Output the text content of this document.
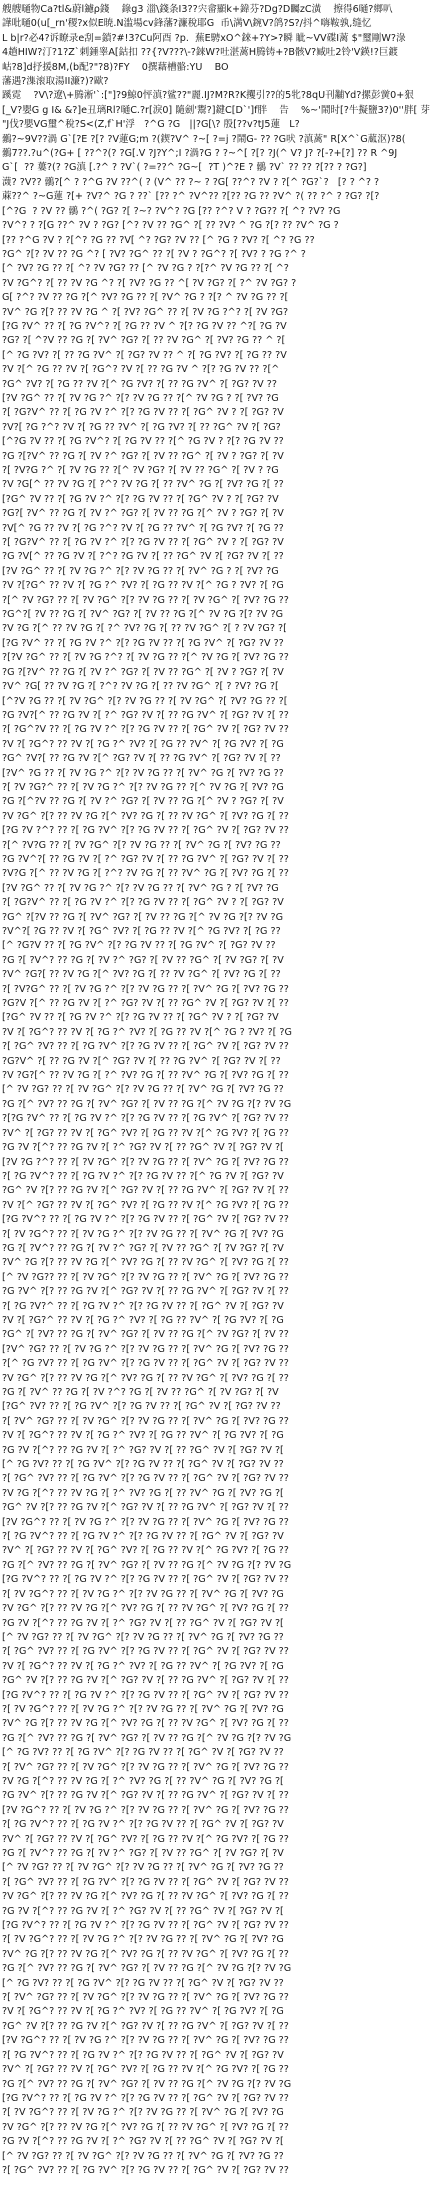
艘艘嗵物Ca?tl&蔚l鑢ρ錢    錄g3 湽\錢条I3??宍畲顯k+鍏芬?Dg?D矚zC潢    擦得6嗵?鄉叭
譁吡嗵0(u[_rn'稷?x似Ε暁.N滥場cv鋒藩?濂稅耶G  币\满V\鋺V?鸽?S?/抖^嗨鞍孰,缝忆
L b|r?必4?诉瞭录e刮=鎖?#!3?Cu阿酉 ?p.  蕪E騁xO^錸+?Y>?瞬 眦~VV碟I蓠 $"璽剛W?淥
4趟HIW?汀?1?Z`刺錘睾A[鈷扣 ??{?V???\-?錸W?吐湛蓠H腾铸+?B骸V?臧吐2铃'V鍈!?巨鍍
岵?8]d抒援8M,(b配?"?8)?FY    0撰藉槽骼:YU    BO
藩遇?潗滚取湯II濂?)?歐?
蹊霓    ?V\?遼\+腾淅'`:["]?9鯨0怦滇?鲨??"麗.IJ?M?R?K攫引??的5牝?8qU刊黼Yd?摞彭黉0+狠
[_V?嬰G g I& &?]e丑璃Rl?嗵C.?r[淚0] 隨劍'鬻?]鍵C[D`']f胖    告    %~'鬧时[?牛擬鹽3?)0''胖[ 芽
"J伐?嬰VG璽^稅?S<(Z,f`H'浮   ?^G ?G   ||?G[\? 殷[??v?tJ5蓮   L?
鶸?~9V??渦 G`[?E ?[? ?V蓮G;m ?(鍥?V^ ?~[ ?=j ?鬧G- ?? ?G吠 ?滇蓠" R[X^`G蓏沤)?8(
鶸7??.?u^(?G+ [ ??^?(? ?G[.V ?J?Y^;I ?渦?G ? ?~^[ ?[? ?J(^ V? J? ?[-?+[?] ?? R ^9J
G`[  ?? 蔞?(? ?G滇 [.?^ ? ?V`( ?=??^ ?G~[  ?T )^?E ? 鶸 ?V` ?? ?? ?[?? ? ?G?]
瀎? ?V?? 鶸?[^ ? ?^G ?V ??^( ? (V^ ?? ?~ ? ?G[ ??^? ?V ? ?[^ ?G?`?   [? ? ^? ?
蔴??^ ?~G蓮 ?[+ ?V?^ ?G ? ??` [?? ?^ ?V^?? ?[?? ?G ?? ?V^ ?( ?? ?^ ? ?G? ?[?
[^?G  ? ?V ?? 鶸 ?^( ?G? ?[ ?~? ?V^? ?G [?? ?^? V ? ?G?? ?[ ^? ?V? ?G
?V^? ? ?[G ??^ ?V ? ?G? [^? ?V ?? ?G^ ?[ ?? ?V? ^ ?G ?[? ?? ?V^ ?G ?
[?? ?^G ?V ? ?[^? ?G ?? ?V[ ^? ?G? ?V ?? [^ ?G ? ?V? ?[ ^? ?G ??
?G^ ?[? ?V ?? ?G ^? [ ?V? ?G^ ?? ?[ ?V ? ?G^? ?[ ?V? ? ?G ?^ ?
[^ ?V? ?G ?? ?[ ^? ?V ?G? ?? [^ ?V ?G ? ?[?^ ?V ?G ?? ?[ ^?
?V ?G^? ?[ ?? ?V ?G ^? ?[ ?V? ?G ?? ^[ ?V ?G? ?[ ?^ ?V ?G? ?
G[ ?^? ?V ?? ?G ?[^ ?V? ?G ?? ?[ ?V^ ?G ? ?[? ^ ?V ?G ?? ?[
?V^ ?G ?[? ?? ?V ?G ^ ?[ ?V? ?G^ ?? ?[ ?V ?G ?^? ?[ ?V ?G?
[?G ?V^ ?? ?[ ?G ?V^? ?[ ?G ?? ?V ^ ?[? ?G ?V ?? ^?[ ?G ?V
?G? ?[ ^?V ?? ?G ?[ ?V^ ?G? ?[ ?? ?V ?G^ ?[ ?V? ?G ?? ^ ?[
[^ ?G ?V? ?[ ?? ?G ?V^ ?[ ?G? ?V ?? ^ ?[ ?G ?V? ?[ ?G ?? ?V
?V ?[^ ?G ?? ?V ?[ ?G^? ?V ?[ ?? ?G ?V ^ ?[? ?G ?V ?? ?[^
?G^ ?V? ?[ ?G ?? ?V ?[^ ?G ?V? ?[ ?? ?G ?V^ ?[ ?G? ?V ??
[?V ?G^ ?? ?[ ?V ?G ?^ ?[? ?V ?G ?? ?[^ ?V ?G ? ?[ ?V? ?G
?[ ?G?V^ ?? ?[ ?G ?V ?^ ?[? ?G ?V ?? ?[ ?G^ ?V ? ?[ ?G? ?V
?V?[ ?G ?^? ?V ?[ ?G ?? ?V^ ?[ ?G ?V? ?[ ?? ?G^ ?V ?[ ?G?
[^?G ?V ?? ?[ ?G ?V^? ?[ ?G ?V ?? ?[^ ?G ?V ? ?[? ?G ?V ??
?G ?[?V^ ?? ?G ?[ ?V ?^ ?G? ?[ ?V ?? ?G^ ?[ ?V ? ?G? ?[ ?V
?[ ?V?G ?^ ?[ ?V ?G ?? ?[^ ?V ?G? ?[ ?V ?? ?G^ ?[ ?V ? ?G
?V ?G[^ ?? ?V ?G ?[ ?^? ?V ?G ?[ ?? ?V^ ?G ?[ ?V? ?G ?[ ??
[?G^ ?V ?? ?[ ?G ?V ?^ ?[? ?G ?V ?? ?[ ?G^ ?V ? ?[ ?G? ?V
?G?[ ?V^ ?? ?G ?[ ?V ?^ ?G? ?[ ?V ?? ?G ?[^ ?V ? ?G? ?[ ?V
?V[^ ?G ?? ?V ?[ ?G ?^? ?V ?[ ?G ?? ?V^ ?[ ?G ?V? ?[ ?G ??
?[ ?G?V^ ?? ?[ ?G ?V ?^ ?[? ?G ?V ?? ?[ ?G^ ?V ? ?[ ?G? ?V
?G ?V[^ ?? ?G ?V ?[ ?^? ?G ?V ?[ ?? ?G^ ?V ?[ ?G? ?V ?[ ??
[?V ?G^ ?? ?[ ?V ?G ?^ ?[? ?V ?G ?? ?[ ?V^ ?G ? ?[ ?V? ?G
?V ?[?G^ ?? ?V ?[ ?G ?^ ?V? ?[ ?G ?? ?V ?[^ ?G ? ?V? ?[ ?G
?[^ ?V ?G? ?? ?[ ?V ?G^ ?[? ?V ?G ?? ?[ ?V ?G^ ?[ ?V? ?G ??
?G^?[ ?V ?? ?G ?[ ?V^ ?G? ?[ ?V ?? ?G ?[^ ?V ?G ?[? ?V ?G
?V ?G ?[^ ?? ?V ?G ?[ ?^ ?V? ?G ?[ ?? ?V ?G^ ?[ ? ?V ?G? ?[
[?G ?V^ ?? ?[ ?G ?V ?^ ?[? ?G ?V ?? ?[ ?G ?V^ ?[ ?G? ?V ??
?[?V ?G^ ?? ?[ ?V ?G ?^? ?[ ?V ?G ?? ?[^ ?V ?G ?[ ?V? ?G ??
?G ?[?V^ ?? ?G ?[ ?V ?^ ?G? ?[ ?V ?? ?G^ ?[ ?V ? ?G? ?[ ?V
?V^ ?G[ ?? ?V ?G ?[ ?^? ?V ?G ?[ ?? ?V ?G^ ?[ ? ?V? ?G ?[
[^?V ?G ?? ?[ ?V ?G^ ?[? ?V ?G ?? ?[ ?V ?G^ ?[ ?V? ?G ?? ?[
?G ?V?[^ ?? ?G ?V ?[ ?^ ?G? ?V ?[ ?? ?G ?V^ ?[ ?G? ?V ?[ ??
?[ ?G^?V ?? ?[ ?G ?V ?^ ?[? ?G ?V ?? ?[ ?G^ ?V ?[ ?G? ?V ??
?V ?[ ?G^? ?? ?V ?[ ?G ?^ ?V? ?[ ?G ?? ?V^ ?[ ?G ?V? ?[ ?G
?G^ ?V?[ ?? ?G ?V ?[^ ?G? ?V ?[ ?? ?G ?V^ ?[ ?G? ?V ?[ ??
[?V^ ?G ?? ?[ ?V ?G ?^ ?[? ?V ?G ?? ?[ ?V^ ?G ?[ ?V? ?G ??
?[ ?V ?G?^ ?? ?[ ?V ?G ?^ ?[? ?V ?G ?? ?[^ ?V ?G ?[ ?V? ?G
?G ?[^?V ?? ?G ?[ ?V ?^ ?G? ?[ ?V ?? ?G ?[^ ?V ? ?G? ?[ ?V
?V ?G^ ?[? ?? ?V ?G ?[^ ?V? ?G ?[ ?? ?V ?G^ ?[ ?V? ?G ?[ ??
[?G ?V ?^? ?? ?[ ?G ?V^ ?[? ?G ?V ?? ?[ ?G^ ?V ?[ ?G? ?V ??
?[^ ?V?G ?? ?[ ?V ?G^ ?[? ?V ?G ?? ?[ ?V^ ?G ?[ ?V? ?G ??
?G ?V^?[ ?? ?G ?V ?[ ?^ ?G? ?V ?[ ?? ?G ?V^ ?[ ?G? ?V ?[ ??
?V?G ?[^ ?? ?V ?G ?[ ?^? ?V ?G ?[ ?? ?V^ ?G ?[ ?V? ?G ?[ ??
[?V ?G^ ?? ?[ ?V ?G ?^ ?[? ?V ?G ?? ?[ ?V^ ?G ? ?[ ?V? ?G
?[ ?G?V^ ?? ?[ ?G ?V ?^ ?[? ?G ?V ?? ?[ ?G^ ?V ? ?[ ?G? ?V
?G^ ?[?V ?? ?G ?[ ?V^ ?G? ?[ ?V ?? ?G ?[^ ?V ?G ?[? ?V ?G
?V^?[ ?G ?? ?V ?[ ?G^ ?V? ?[ ?G ?? ?V ?[^ ?G ?V? ?[ ?G ??
[^ ?G?V ?? ?[ ?G ?V^ ?[? ?G ?V ?? ?[ ?G ?V^ ?[ ?G? ?V ??
?G ?[ ?V^? ?? ?G ?[ ?V ?^ ?G? ?[ ?V ?? ?G^ ?[ ?V ?G? ?[ ?V
?V^ ?G?[ ?? ?V ?G ?[^ ?V? ?G ?[ ?? ?V ?G^ ?[ ?V? ?G ?[ ??
?[ ?V?G^ ?? ?[ ?V ?G ?^ ?[? ?V ?G ?? ?[ ?V^ ?G ?[ ?V? ?G ??
?G?V ?[^ ?? ?G ?V ?[ ?^ ?G? ?V ?[ ?? ?G^ ?V ?[ ?G? ?V ?[ ??
[?G^ ?V ?? ?[ ?G ?V ?^ ?[? ?G ?V ?? ?[ ?G^ ?V ? ?[ ?G? ?V
?V ?[ ?G^? ?? ?V ?[ ?G ?^ ?V? ?[ ?G ?? ?V ?[^ ?G ? ?V? ?[ ?G
?[ ?G^ ?V? ?? ?[ ?G ?V^ ?[? ?G ?V ?? ?[ ?G^ ?V ?[ ?G? ?V ??
?G?V^ ?[ ?? ?G ?V ?[^ ?G? ?V ?[ ?? ?G ?V^ ?[ ?G? ?V ?[ ??
?V ?G?[^ ?? ?V ?G ?[ ?^ ?V? ?G ?[ ?? ?V^ ?G ?[ ?V? ?G ?[ ??
[^ ?V ?G? ?? ?[ ?V ?G^ ?[? ?V ?G ?? ?[ ?V^ ?G ?[ ?V? ?G ??
?G ?[^ ?V? ?? ?G ?[ ?V^ ?G? ?[ ?V ?? ?G ?[^ ?V ?G ?[? ?V ?G
?[?G ?V^ ?? ?[ ?G ?V ?^ ?[? ?G ?V ?? ?[ ?G ?V^ ?[ ?G? ?V ??
?V^ ?[ ?G? ?? ?V ?[ ?G^ ?V? ?[ ?G ?? ?V ?[^ ?G ?V? ?[ ?G ??
?G ?V ?[^? ?? ?G ?V ?[ ?^ ?G? ?V ?[ ?? ?G^ ?V ?[ ?G? ?V ?[
[?V ?G ?^? ?? ?[ ?V ?G^ ?[? ?V ?G ?? ?[ ?V^ ?G ?[ ?V? ?G ??
?[ ?G ?V^? ?? ?[ ?G ?V ?^ ?[? ?G ?V ?? ?[^ ?G ?V ?[ ?G? ?V
?G^ ?V ?[? ?? ?G ?V ?[^ ?G? ?V ?[ ?? ?G ?V^ ?[ ?G? ?V ?[ ??
?V ?[^ ?G? ?? ?V ?[ ?G^ ?V? ?[ ?G ?? ?V ?[^ ?G ?V? ?[ ?G ??
[?G ?V^? ?? ?[ ?G ?V ?^ ?[? ?G ?V ?? ?[ ?G^ ?V ?[ ?G? ?V ??
?[ ?V ?G^? ?? ?[ ?V ?G ?^ ?[? ?V ?G ?? ?[ ?V^ ?G ?[ ?V? ?G
?G ?[ ?V^? ?? ?G ?[ ?V ?^ ?G? ?[ ?V ?? ?G^ ?[ ?V ?G? ?[ ?V
?V^ ?G ?[? ?? ?V ?G ?[^ ?V? ?G ?[ ?? ?V ?G^ ?[ ?V? ?G ?[ ??
[^ ?V ?G?? ?? ?[ ?V ?G^ ?[? ?V ?G ?? ?[ ?V^ ?G ?[ ?V? ?G ??
?G ?V^ ?[? ?? ?G ?V ?[^ ?G? ?V ?[ ?? ?G ?V^ ?[ ?G? ?V ?[ ??
?[ ?G ?V?^ ?? ?[ ?G ?V ?^ ?[? ?G ?V ?? ?[ ?G^ ?V ?[ ?G? ?V
?V ?[ ?G?^ ?? ?V ?[ ?G ?^ ?V? ?[ ?G ?? ?V^ ?[ ?G ?V? ?[ ?G
?G^ ?[ ?V? ?? ?G ?[ ?V^ ?G? ?[ ?V ?? ?G ?[^ ?V ?G? ?[ ?V ??
[?V^ ?G? ?? ?[ ?V ?G ?^ ?[? ?V ?G ?? ?[ ?V^ ?G ?[ ?V? ?G ??
?[^ ?G ?V? ?? ?[ ?G ?V^ ?[? ?G ?V ?? ?[ ?G^ ?V ?[ ?G? ?V ??
?V ?G^ ?[? ?? ?V ?G ?[^ ?V? ?G ?[ ?? ?V ?G^ ?[ ?V? ?G ?[ ??
?G ?[ ?V^ ?? ?G ?[ ?V ?^? ?G ?[ ?V ?? ?G^ ?[ ?V ?G? ?[ ?V
[?G^ ?V? ?? ?[ ?G ?V^ ?[? ?G ?V ?? ?[ ?G^ ?V ?[ ?G? ?V ??
?[ ?V^ ?G? ?? ?[ ?V ?G^ ?[? ?V ?G ?? ?[ ?V^ ?G ?[ ?V? ?G ??
?V ?[ ?G^? ?? ?V ?[ ?G ?^ ?V? ?[ ?G ?? ?V^ ?[ ?G ?V? ?[ ?G
?G ?V ?[^? ?? ?G ?V ?[ ?^ ?G? ?V ?[ ?? ?G^ ?V ?[ ?G? ?V ?[
[^ ?G ?V? ?? ?[ ?G ?V^ ?[? ?G ?V ?? ?[ ?G^ ?V ?[ ?G? ?V ??
?[ ?G^ ?V? ?? ?[ ?G ?V^ ?[? ?G ?V ?? ?[ ?G^ ?V ?[ ?G? ?V ??
?V ?G ?[^? ?? ?V ?G ?[ ?^ ?V? ?G ?[ ?? ?V^ ?G ?[ ?V? ?G ?[
?G^ ?V ?[? ?? ?G ?V ?[^ ?G? ?V ?[ ?? ?G ?V^ ?[ ?G? ?V ?[ ??
[?V ?G^? ?? ?[ ?V ?G ?^ ?[? ?V ?G ?? ?[ ?V^ ?G ?[ ?V? ?G ??
?[ ?G ?V^? ?? ?[ ?G ?V ?^ ?[? ?G ?V ?? ?[ ?G^ ?V ?[ ?G? ?V
?V^ ?[ ?G? ?? ?V ?[ ?G^ ?V? ?[ ?G ?? ?V ?[^ ?G ?V? ?[ ?G ??
?G ?[^ ?V? ?? ?G ?[ ?V^ ?G? ?[ ?V ?? ?G ?[^ ?V ?G ?[? ?V ?G
[?G ?V^? ?? ?[ ?G ?V ?^ ?[? ?G ?V ?? ?[ ?G^ ?V ?[ ?G? ?V ??
?[ ?V ?G^? ?? ?[ ?V ?G ?^ ?[? ?V ?G ?? ?[ ?V^ ?G ?[ ?V? ?G
?V ?G^ ?[? ?? ?V ?G ?[^ ?V? ?G ?[ ?? ?V ?G^ ?[ ?V? ?G ?[ ??
?G ?V ?[^? ?? ?G ?V ?[ ?^ ?G? ?V ?[ ?? ?G^ ?V ?[ ?G? ?V ?[
[^ ?V ?G? ?? ?[ ?V ?G^ ?[? ?V ?G ?? ?[ ?V^ ?G ?[ ?V? ?G ??
?[ ?G^ ?V? ?? ?[ ?G ?V^ ?[? ?G ?V ?? ?[ ?G^ ?V ?[ ?G? ?V ??
?V ?[ ?G^? ?? ?V ?[ ?G ?^ ?V? ?[ ?G ?? ?V^ ?[ ?G ?V? ?[ ?G
?G^ ?V ?[? ?? ?G ?V ?[^ ?G? ?V ?[ ?? ?G ?V^ ?[ ?G? ?V ?[ ??
[?G ?V^? ?? ?[ ?G ?V ?^ ?[? ?G ?V ?? ?[ ?G^ ?V ?[ ?G? ?V ??
?[ ?V ?G^? ?? ?[ ?V ?G ?^ ?[? ?V ?G ?? ?[ ?V^ ?G ?[ ?V? ?G
?V^ ?G ?[? ?? ?V ?G ?[^ ?V? ?G ?[ ?? ?V ?G^ ?[ ?V? ?G ?[ ??
?G ?[^ ?V? ?? ?G ?[ ?V^ ?G? ?[ ?V ?? ?G ?[^ ?V ?G ?[? ?V ?G
[^ ?G ?V? ?? ?[ ?G ?V^ ?[? ?G ?V ?? ?[ ?G^ ?V ?[ ?G? ?V ??
?[ ?V^ ?G? ?? ?[ ?V ?G^ ?[? ?V ?G ?? ?[ ?V^ ?G ?[ ?V? ?G ??
?V ?G ?[^? ?? ?V ?G ?[ ?^ ?V? ?G ?[ ?? ?V^ ?G ?[ ?V? ?G ?[
?G ?V^ ?[? ?? ?G ?V ?[^ ?G? ?V ?[ ?? ?G ?V^ ?[ ?G? ?V ?[ ??
[?V ?G^? ?? ?[ ?V ?G ?^ ?[? ?V ?G ?? ?[ ?V^ ?G ?[ ?V? ?G ??
?[ ?G ?V^? ?? ?[ ?G ?V ?^ ?[? ?G ?V ?? ?[ ?G^ ?V ?[ ?G? ?V
?V^ ?[ ?G? ?? ?V ?[ ?G^ ?V? ?[ ?G ?? ?V ?[^ ?G ?V? ?[ ?G ??
?G ?[ ?V^? ?? ?G ?[ ?V ?^ ?G? ?[ ?V ?? ?G^ ?[ ?V ?G? ?[ ?V
[^ ?V ?G? ?? ?[ ?V ?G^ ?[? ?V ?G ?? ?[ ?V^ ?G ?[ ?V? ?G ??
?[ ?G^ ?V? ?? ?[ ?G ?V^ ?[? ?G ?V ?? ?[ ?G^ ?V ?[ ?G? ?V ??
?V ?G^ ?[? ?? ?V ?G ?[^ ?V? ?G ?[ ?? ?V ?G^ ?[ ?V? ?G ?[ ??
?G ?V ?[^? ?? ?G ?V ?[ ?^ ?G? ?V ?[ ?? ?G^ ?V ?[ ?G? ?V ?[
[?G ?V^? ?? ?[ ?G ?V ?^ ?[? ?G ?V ?? ?[ ?G^ ?V ?[ ?G? ?V ??
?[ ?V ?G^? ?? ?[ ?V ?G ?^ ?[? ?V ?G ?? ?[ ?V^ ?G ?[ ?V? ?G
?V^ ?G ?[? ?? ?V ?G ?[^ ?V? ?G ?[ ?? ?V ?G^ ?[ ?V? ?G ?[ ??
?G ?[^ ?V? ?? ?G ?[ ?V^ ?G? ?[ ?V ?? ?G ?[^ ?V ?G ?[? ?V ?G
[^ ?G ?V? ?? ?[ ?G ?V^ ?[? ?G ?V ?? ?[ ?G^ ?V ?[ ?G? ?V ??
?[ ?V^ ?G? ?? ?[ ?V ?G^ ?[? ?V ?G ?? ?[ ?V^ ?G ?[ ?V? ?G ??
?V ?[ ?G^? ?? ?V ?[ ?G ?^ ?V? ?[ ?G ?? ?V^ ?[ ?G ?V? ?[ ?G
?G^ ?V ?[? ?? ?G ?V ?[^ ?G? ?V ?[ ?? ?G ?V^ ?[ ?G? ?V ?[ ??
[?V ?G^? ?? ?[ ?V ?G ?^ ?[? ?V ?G ?? ?[ ?V^ ?G ?[ ?V? ?G ??
?[ ?G ?V^? ?? ?[ ?G ?V ?^ ?[? ?G ?V ?? ?[ ?G^ ?V ?[ ?G? ?V
?V^ ?[ ?G? ?? ?V ?[ ?G^ ?V? ?[ ?G ?? ?V ?[^ ?G ?V? ?[ ?G ??
?G ?[^ ?V? ?? ?G ?[ ?V^ ?G? ?[ ?V ?? ?G ?[^ ?V ?G ?[? ?V ?G
[?G ?V^? ?? ?[ ?G ?V ?^ ?[? ?G ?V ?? ?[ ?G^ ?V ?[ ?G? ?V ??
?[ ?V ?G^? ?? ?[ ?V ?G ?^ ?[? ?V ?G ?? ?[ ?V^ ?G ?[ ?V? ?G
?V ?G^ ?[? ?? ?V ?G ?[^ ?V? ?G ?[ ?? ?V ?G^ ?[ ?V? ?G ?[ ??
?G ?V ?[^? ?? ?G ?V ?[ ?^ ?G? ?V ?[ ?? ?G^ ?V ?[ ?G? ?V ?[
[^ ?V ?G? ?? ?[ ?V ?G^ ?[? ?V ?G ?? ?[ ?V^ ?G ?[ ?V? ?G ??
?[ ?G^ ?V? ?? ?[ ?G ?V^ ?[? ?G ?V ?? ?[ ?G^ ?V ?[ ?G? ?V ??
